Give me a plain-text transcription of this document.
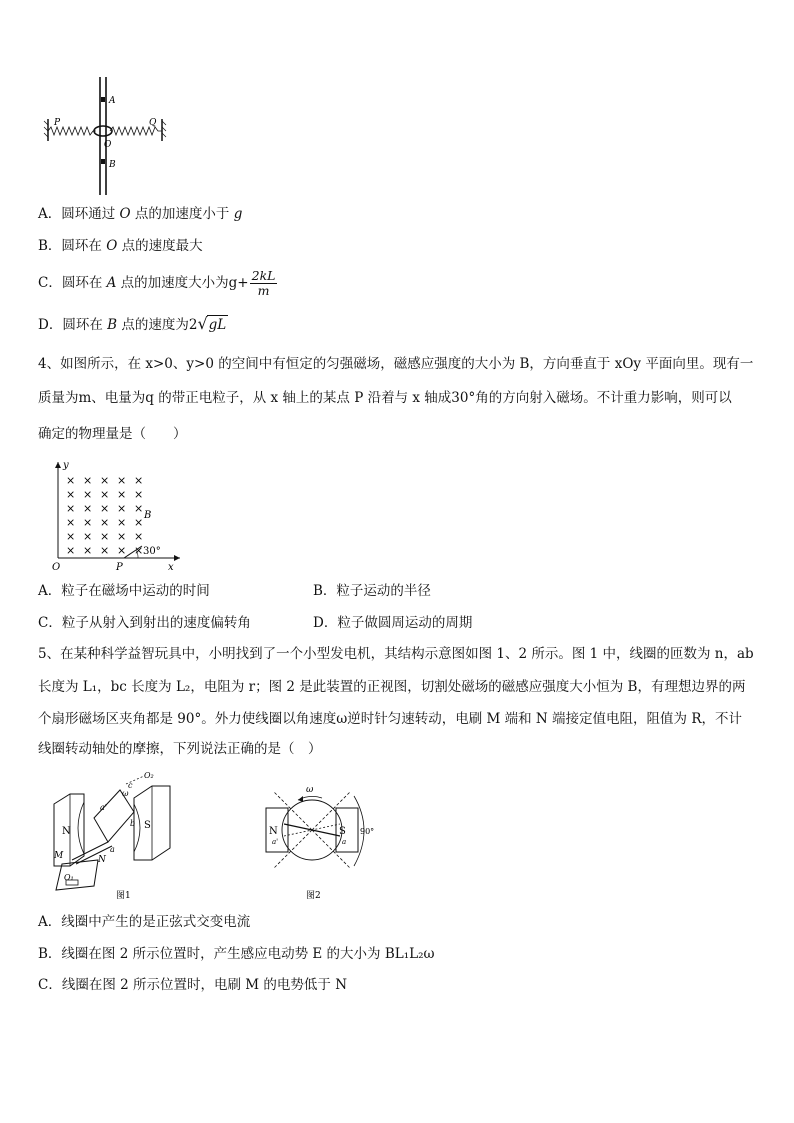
A
B
O
P	Q
A．圆环通过 O 点的加速度小于 g
B．圆环在 O 点的速度最大
C．圆环在 A 点的加速度大小为$g+ \frac{2kL}{m}$
D．圆环在 B 点的速度为2√gL
4、如图所示，在 x>0、y>0 的空间中有恒定的匀强磁场，磁感应强度的大小为 B，方向垂直于 xOy 平面向里。现有一
质量为m、电量为q 的带正电粒子，从 x 轴上的某点 P 沿着与 x 轴成30°角的方向射入磁场。不计重力影响，则可以
确定的物理量是（　　）
× × × × ×
× × × × ×
× × × × ×
× × × × ×
× × × × ×
× × × × ×
y
x
O	P
B
30°
A．粒子在磁场中运动的时间	B．粒子运动的半径
C．粒子从射入到射出的速度偏转角	D．粒子做圆周运动的周期
5、在某种科学益智玩具中，小明找到了一个小型发电机，其结构示意图如图 1、2 所示。图 1 中，线圈的匝数为 n，ab
长度为 L₁，bc 长度为 L₂，电阻为 r；图 2 是此装置的正视图，切割处磁场的磁感应强度大小恒为 B，有理想边界的两
个扇形磁场区夹角都是 90°。外力使线圈以角速度ω逆时针匀速转动，电刷 M 端和 N 端接定值电阻，阻值为 R，不计
线圈转动轴处的摩擦，下列说法正确的是（　）
N
S
a'
b
c
ω
O₂
O₁
M	N
a
图1
N	S
a'	a
ω
90°
图2
A．线圈中产生的是正弦式交变电流
B．线圈在图 2 所示位置时，产生感应电动势 E 的大小为 BL₁L₂ω
C．线圈在图 2 所示位置时，电刷 M 的电势低于 N
